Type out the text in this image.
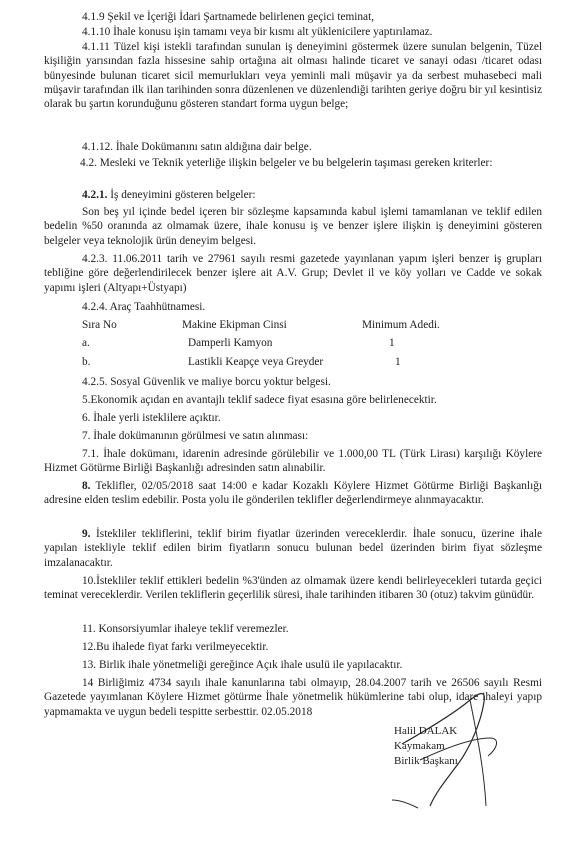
4.1.9 Şekil ve İçeriği İdari Şartnamede belirlenen geçici teminat,

4.1.10 İhale konusu işin tamamı veya bir kısmı alt yüklenicilere yaptırılamaz.

4.1.11 Tüzel kişi istekli tarafından sunulan iş deneyimini göstermek üzere sunulan belgenin, Tüzel kişiliğin yarısından fazla hissesine sahip ortağına ait olması halinde ticaret ve sanayi odası /ticaret odası bünyesinde bulunan ticaret sicil memurlukları veya yeminli mali müşavir ya da serbest muhasebeci mali müşavir tarafından ilk ilan tarihinden sonra düzenlenen ve düzenlendiği tarihten geriye doğru bir yıl kesintisiz olarak bu şartın korunduğunu gösteren standart forma uygun belge;

4.1.12. İhale Dokümanını satın aldığına dair belge.

4.2. Mesleki ve Teknik yeterliğe ilişkin belgeler ve bu belgelerin taşıması gereken kriterler:

4.2.1. İş deneyimini gösteren belgeler:

Son beş yıl içinde bedel içeren bir sözleşme kapsamında kabul işlemi tamamlanan ve teklif edilen bedelin %50 oranında az olmamak üzere, ihale konusu iş ve benzer işlere ilişkin iş deneyimini gösteren belgeler veya teknolojik ürün deneyim belgesi.

4.2.3. 11.06.2011 tarih ve 27961 sayılı resmi gazetede yayınlanan yapım işleri benzer iş grupları tebliğine göre değerlendirilecek benzer işlere ait A.V. Grup; Devlet il ve köy yolları ve Cadde ve sokak yapımı işleri (Altyapı+Üstyapı)

4.2.4. Araç Taahhütnamesi.

Sıra No	Makine Ekipman Cinsi	Minimum Adedi.
a.	Damperli Kamyon	1
b.	Lastikli Keapçe veya Greyder	1

4.2.5. Sosyal Güvenlik ve maliye borcu yoktur belgesi.

5.Ekonomik açıdan en avantajlı teklif sadece fiyat esasına göre belirlenecektir.

6. İhale yerli isteklilere açıktır.

7. İhale dokümanının görülmesi ve satın alınması:

7.1. İhale dokümanı, idarenin adresinde görülebilir ve 1.000,00 TL (Türk Lirası) karşılığı Köylere Hizmet Götürme Birliği Başkanlığı adresinden satın alınabilir.

8. Teklifler, 02/05/2018 saat 14:00 e kadar Kozaklı Köylere Hizmet Götürme Birliği Başkanlığı adresine elden teslim edebilir. Posta yolu ile gönderilen teklifler değerlendirmeye alınmayacaktır.

9. İstekliler tekliflerini, teklif birim fiyatlar üzerinden vereceklerdir. İhale sonucu, üzerine ihale yapılan istekliyle teklif edilen birim fiyatların sonucu bulunan bedel üzerinden birim fiyat sözleşme imzalanacaktır.

10.İstekliler teklif ettikleri bedelin %3'ünden az olmamak üzere kendi belirleyecekleri tutarda geçici teminat vereceklerdir. Verilen tekliflerin geçerlilik süresi, ihale tarihinden itibaren 30 (otuz) takvim günüdür.

11. Konsorsiyumlar ihaleye teklif veremezler.

12.Bu ihalede fiyat farkı verilmeyecektir.

13. Birlik ihale yönetmeliği gereğince Açık ihale usulü ile yapılacaktır.

14 Birliğimiz 4734 sayılı ihale kanunlarına tabi olmayıp, 28.04.2007 tarih ve 26506 sayılı Resmi Gazetede yayımlanan Köylere Hizmet götürme İhale yönetmelik hükümlerine tabi olup, idare ihaleyi yapıp yapmamakta ve uygun bedeli tespitte serbesttir. 02.05.2018

Halil DALAK
Kaymakam
Birlik Başkanı
